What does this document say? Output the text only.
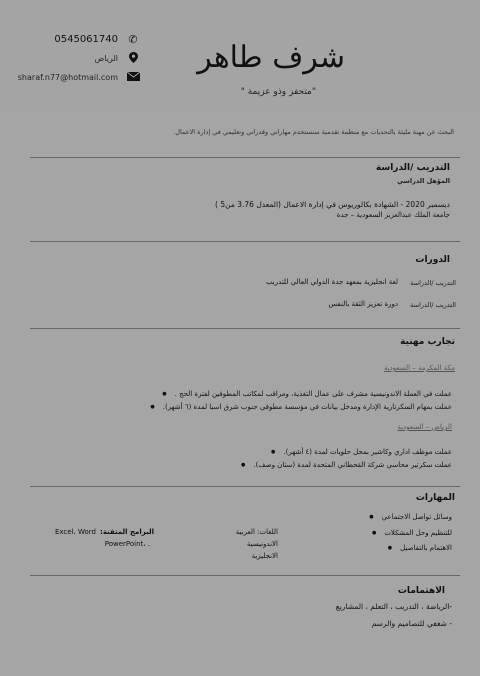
0545061740 ✆
الرياض
sharaf.n77@hotmail.com
شرف طاهر
"متحفز وذو عزيمة "
البحث عن مهنة مليئة بالتحديات مع منظمة تقدمية سنستخدم مهاراتي وقدراتي وتعليمي في إدارة الاعمال.
التدريب /الدراسة
المؤهل الدراسي
ديسمبر 2020 - الشهادة بكالوريوس في إدارة الاعمال (المعدل 3.76 من5 )
جامعة الملك عبدالعزيز السعودية – جدة
الدورات
التدريب /الدراسة
لغة انجليزية بمعهد جدة الدولي العالي للتدريب
التدريب /الدراسة
دورة تعزيز الثقة بالنفس
تجارب مهنية
مكة المكرمة – السعودية
عملت في العملة الاندونيسية مشرف على عمال التغذية، ومراقب لمكاتب المطوفين لفترة الحج . ●
عملت بمهام السكرتارية الإدارة ومدخل بيانات في مؤسسة مطوفي جنوب شرق اسيا لمدة (٦ أشهر). ●
الرياض – السعودية
عملت موظف اداري وكاشير بمحل حلويات لمدة (٤ أشهر). ●
عملت سكرتير محاسي شركة القحطاني المتحدة لمدة (ستان وصف). ●
المهارات
وسائل تواصل الاجتماعي ●
للتنظيم وحل المشكلات ●
الاهتمام بالتفاصيل ●
اللغات: العربية
الاندونيسية
الانجليزية
البرامج المتقنة:
Excel، Word
PowerPoint، .
الاهتمامات
-الرياضة ، التدريب ، التعلم ، المشاريع
- شغفي للتصاميم والرسم
